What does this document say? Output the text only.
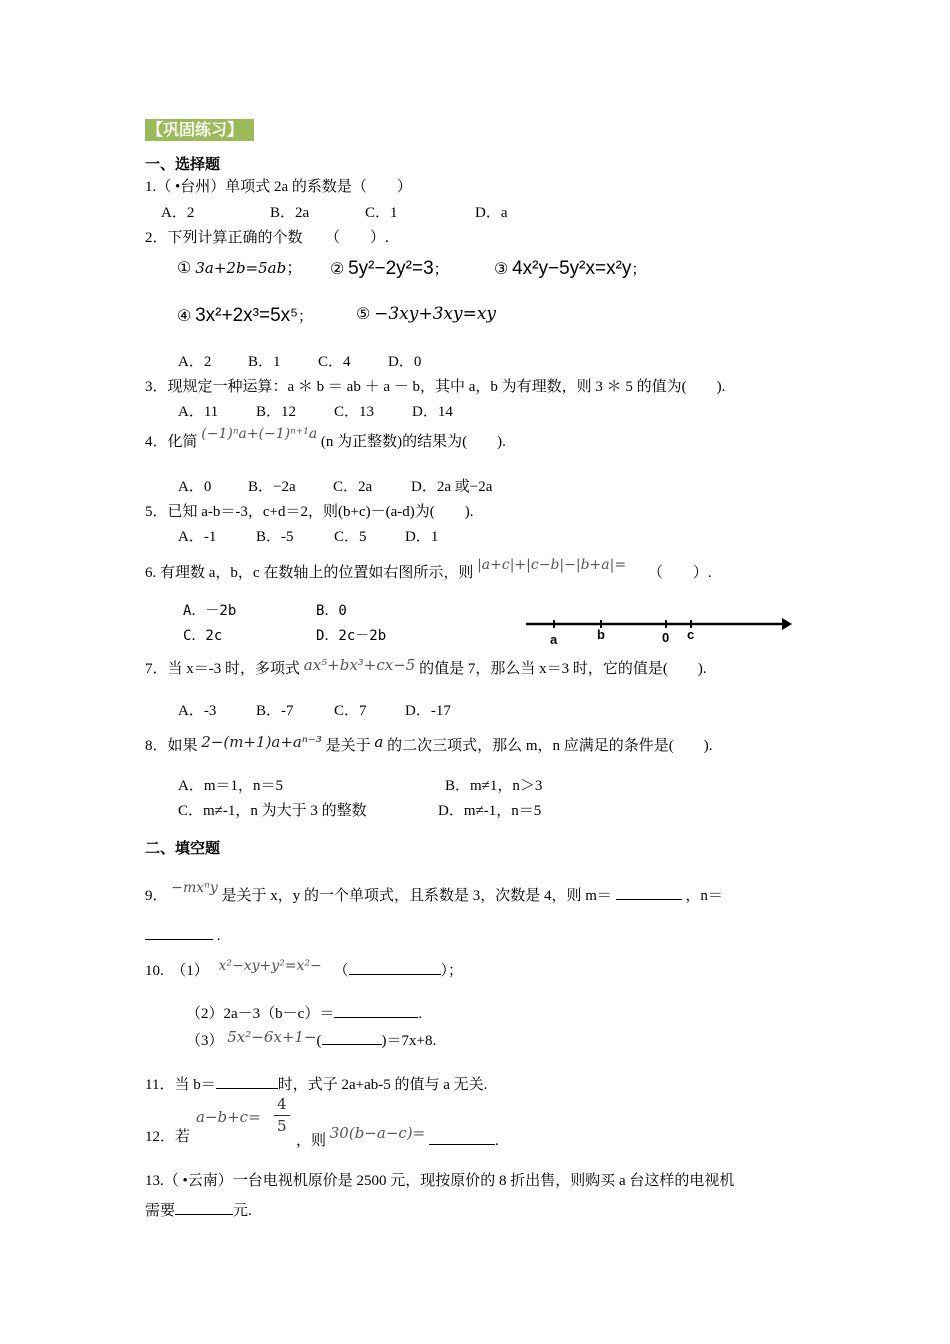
【巩固练习】
一、选择题
1.（ •台州）单项式 2a 的系数是（　　）
A．2	B．2a	C．1	D．a
2．下列计算正确的个数　　（　　）.
① 3a+2b=5ab； ② 5y²−2y²=3；	③ 4x²y−5y²x=x²y；
④ 3x²+2x³=5x⁵；	⑤ −3xy+3xy=xy
A．2 B．1 C．4 D．0
3．现规定一种运算：a ＊ b ＝ ab ＋ a － b，其中 a，b 为有理数，则 3 ＊ 5 的值为(　　).
A．11	B．12	C．13	D．14
4．化简 (−1)ⁿa+(−1)ⁿ⁺¹a (n 为正整数)的结果为(　　).
A．0 B．−2a C．2a	D．2a 或−2a
5．已知 a-b＝-3，c+d＝2，则(b+c)－(a-d)为(　　).
A．-1	B．-5	C．5	D．1
6. 有理数 a，b，c 在数轴上的位置如右图所示，则 |a+c|+|c−b|−|b+a|= （　　）.
A．－2b	B．0
C．2c	D．2c－2b	a	b	0 c
7．当 x＝-3 时，多项式 ax⁵+bx³+cx−5 的值是 7，那么当 x＝3 时，它的值是(　　).
A．-3	B．-7	C．7	D．-17
8．如果 2−(m+1)a+aⁿ⁻³ 是关于 a 的二次三项式，那么 m，n 应满足的条件是(　　).
A．m＝1，n＝5	B．m≠1，n＞3
C．m≠-1，n 为大于 3 的整数	D．m≠-1，n＝5
二、填空题
9． −mxⁿy 是关于 x，y 的一个单项式，且系数是 3，次数是 4，则 m＝	，n＝
.
10.　（1） x²−xy+y²=x²− （	）；
（2）2a－3（b－c）＝	.
（3） 5x²−6x+1−(	)＝7x+8.
11．当 b＝	时，式子 2a+ab-5 的值与 a 无关.
12．若
$a-b+c= \frac{4}{5}$
，则 30(b−a−c)=	.
13.（ •云南）一台电视机原价是 2500 元，现按原价的 8 折出售，则购买 a 台这样的电视机
需要	元.
